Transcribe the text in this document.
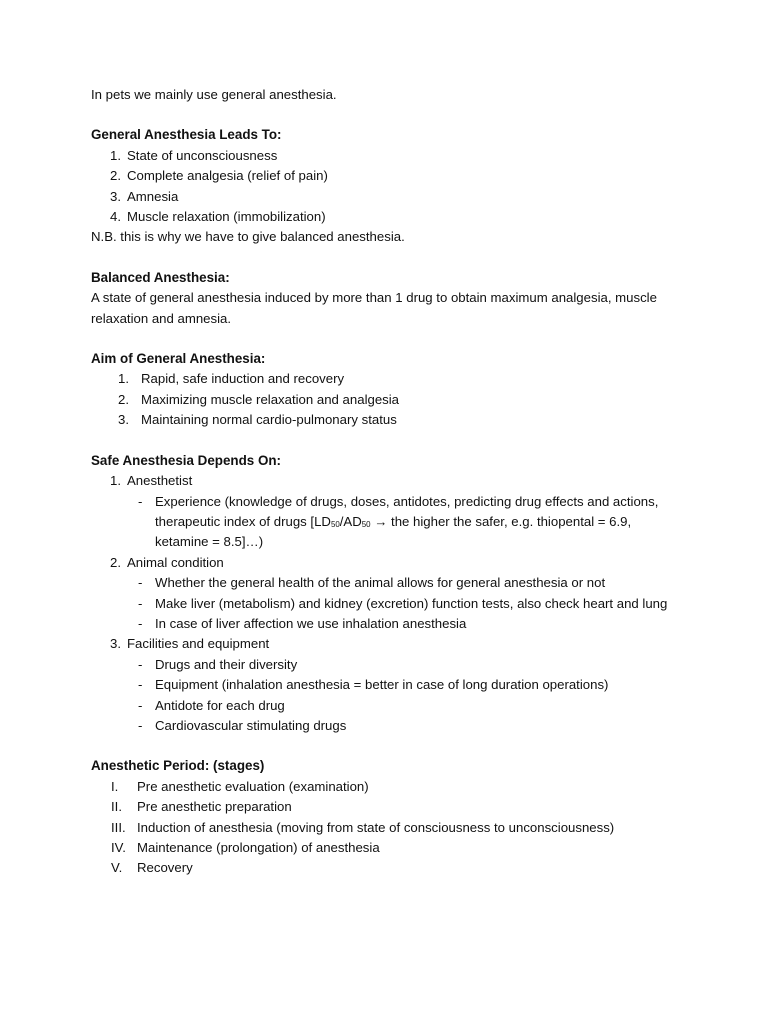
In pets we mainly use general anesthesia.

General Anesthesia Leads To:
1. State of unconsciousness
2. Complete analgesia (relief of pain)
3. Amnesia
4. Muscle relaxation (immobilization)

N.B. this is why we have to give balanced anesthesia.

Balanced Anesthesia:

A state of general anesthesia induced by more than 1 drug to obtain maximum analgesia, muscle relaxation and amnesia.

Aim of General Anesthesia:
1. Rapid, safe induction and recovery
2. Maximizing muscle relaxation and analgesia
3. Maintaining normal cardio-pulmonary status
Safe Anesthesia Depends On:
1. Anesthetist
- Experience (knowledge of drugs, doses, antidotes, predicting drug effects and actions, therapeutic index of drugs [$LD_{50}/AD_{50}$ → the higher the safer, e.g. thiopental = 6.9, ketamine = 8.5]…)
2. Animal condition
- Whether the general health of the animal allows for general anesthesia or not
- Make liver (metabolism) and kidney (excretion) function tests, also check heart and lung
- In case of liver affection we use inhalation anesthesia
3. Facilities and equipment
- Drugs and their diversity
- Equipment (inhalation anesthesia = better in case of long duration operations)
- Antidote for each drug
- Cardiovascular stimulating drugs
Anesthetic Period: (stages)
I.	Pre anesthetic evaluation (examination)
II.	Pre anesthetic preparation
III. Induction of anesthesia (moving from state of consciousness to unconsciousness)
IV. Maintenance (prolongation) of anesthesia
V.	Recovery
